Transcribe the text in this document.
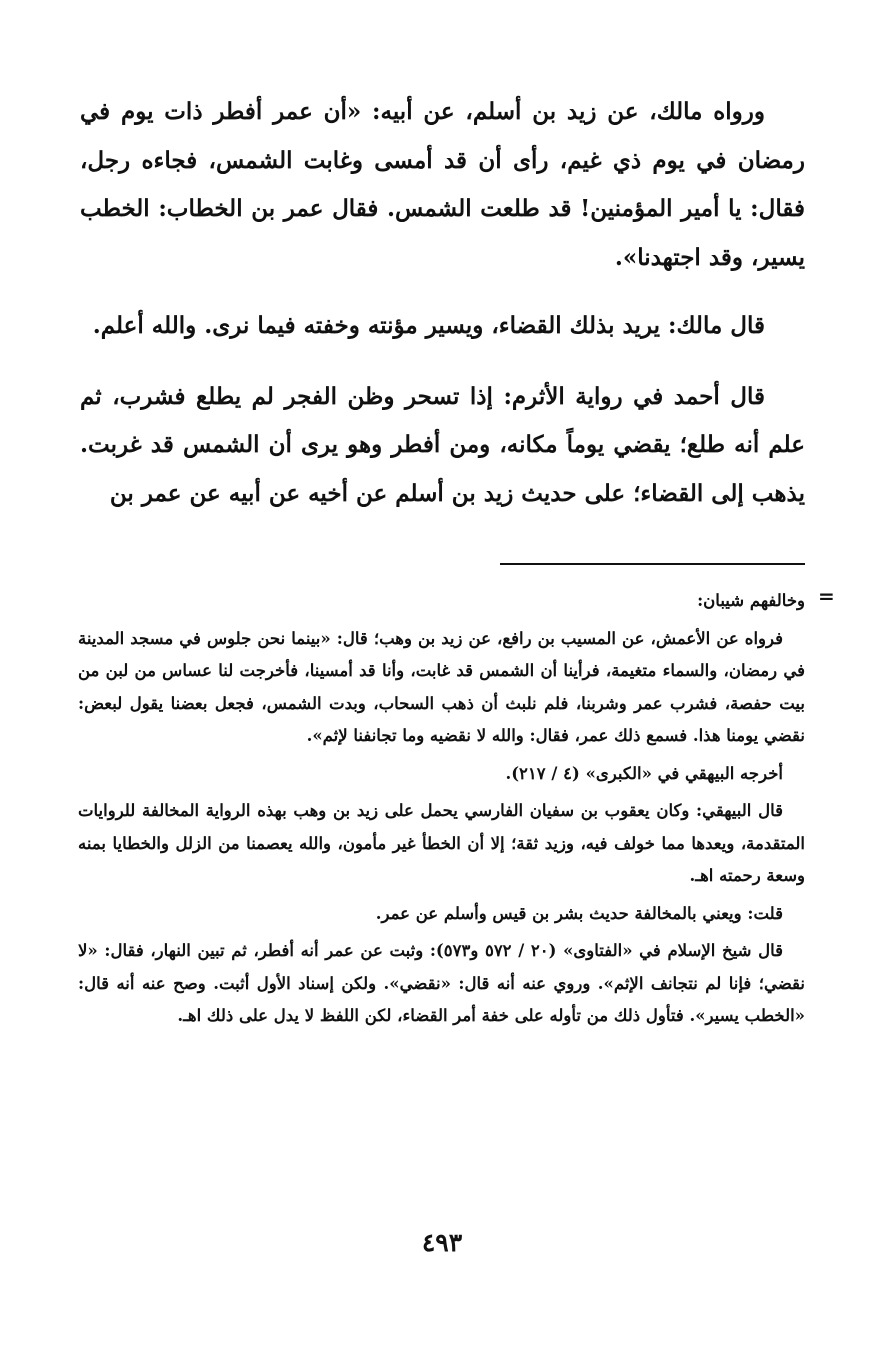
ورواه مالك، عن زيد بن أسلم، عن أبيه: «أن عمر أفطر ذات يوم في رمضان في يوم ذي غيم، رأى أن قد أمسى وغابت الشمس، فجاءه رجل، فقال: يا أمير المؤمنين! قد طلعت الشمس. فقال عمر بن الخطاب: الخطب يسير، وقد اجتهدنا».

قال مالك: يريد بذلك القضاء، ويسير مؤنته وخفته فيما نرى. والله أعلم.

قال أحمد في رواية الأثرم: إذا تسحر وظن الفجر لم يطلع فشرب، ثم علم أنه طلع؛ يقضي يوماً مكانه، ومن أفطر وهو يرى أن الشمس قد غربت. يذهب إلى القضاء؛ على حديث زيد بن أسلم عن أخيه عن أبيه عن عمر بن

=

وخالفهم شيبان:

فرواه عن الأعمش، عن المسيب بن رافع، عن زيد بن وهب؛ قال: «بينما نحن جلوس في مسجد المدينة في رمضان، والسماء متغيمة، فرأينا أن الشمس قد غابت، وأنا قد أمسينا، فأخرجت لنا عساس من لبن من بيت حفصة، فشرب عمر وشربنا، فلم نلبث أن ذهب السحاب، وبدت الشمس، فجعل بعضنا يقول لبعض: نقضي يومنا هذا. فسمع ذلك عمر، فقال: والله لا نقضيه وما تجانفنا لإثم».

أخرجه البيهقي في «الكبرى» (٤ / ٢١٧).

قال البيهقي: وكان يعقوب بن سفيان الفارسي يحمل على زيد بن وهب بهذه الرواية المخالفة للروايات المتقدمة، ويعدها مما خولف فيه، وزيد ثقة؛ إلا أن الخطأ غير مأمون، والله يعصمنا من الزلل والخطايا بمنه وسعة رحمته اهـ.

قلت: ويعني بالمخالفة حديث بشر بن قيس وأسلم عن عمر.

قال شيخ الإسلام في «الفتاوى» (٢٠ / ٥٧٢ و٥٧٣): وثبت عن عمر أنه أفطر، ثم تبين النهار، فقال: «لا نقضي؛ فإنا لم نتجانف الإثم». وروي عنه أنه قال: «نقضي». ولكن إسناد الأول أثبت. وصح عنه أنه قال: «الخطب يسير». فتأول ذلك من تأوله على خفة أمر القضاء، لكن اللفظ لا يدل على ذلك اهـ.

٤٩٣
